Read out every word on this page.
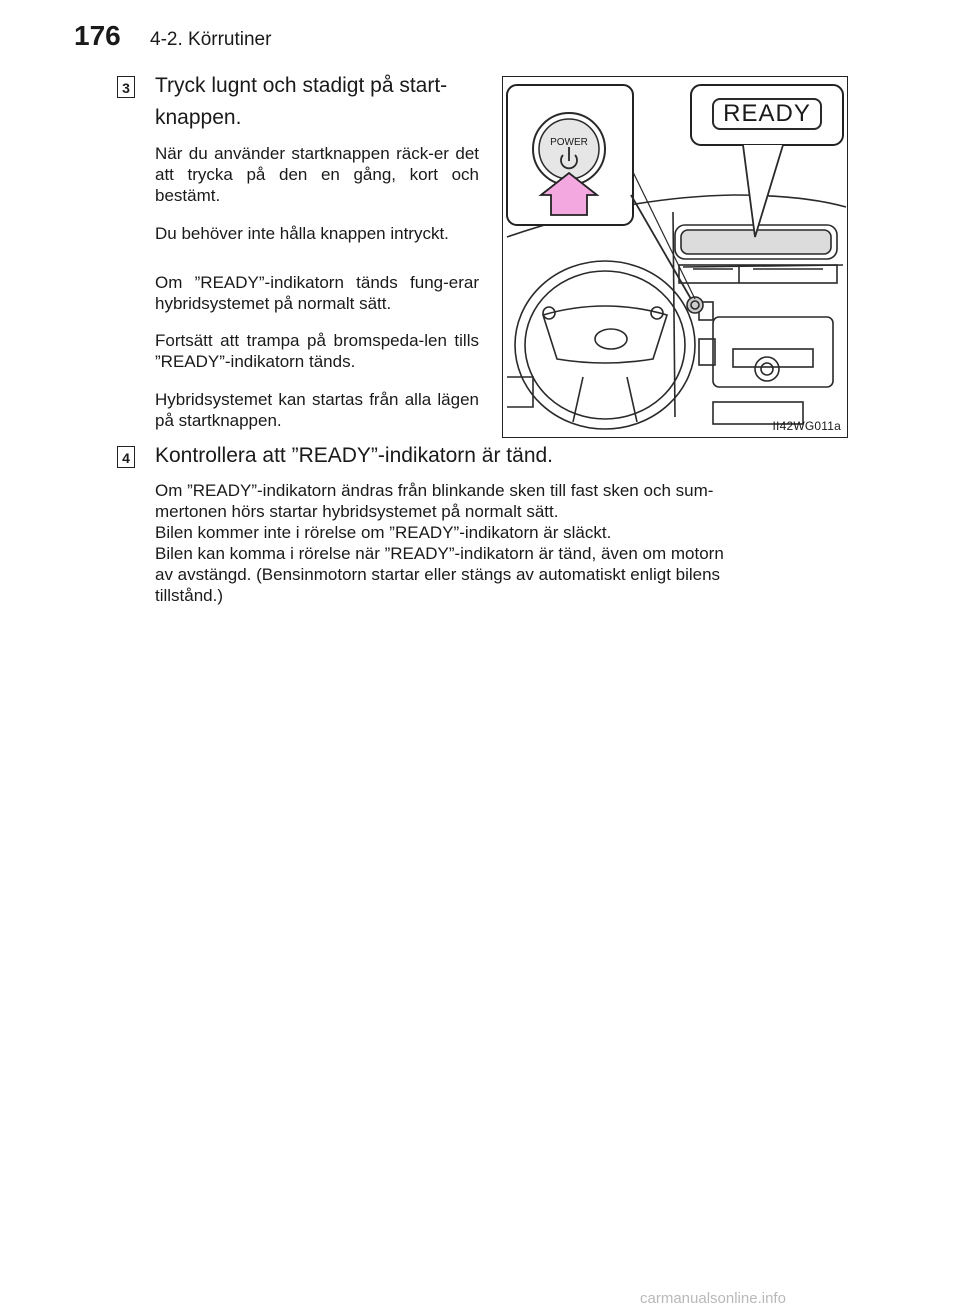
176 4-2. Körrutiner
3 Tryck lugnt och stadigt på start-
knappen.
När du använder startknappen räck-er det att trycka på den en gång, kort och bestämt.
Du behöver inte hålla knappen intryckt.
Om ”READY”-indikatorn tänds fung-erar hybridsystemet på normalt sätt.
Fortsätt att trampa på bromspeda-len tills ”READY”-indikatorn tänds.
Hybridsystemet kan startas från alla lägen på startknappen.
POWER
READY
II42WG011a
4 Kontrollera att ”READY”-indikatorn är tänd.
Om ”READY”-indikatorn ändras från blinkande sken till fast sken och sum-
mertonen hörs startar hybridsystemet på normalt sätt.
Bilen kommer inte i rörelse om ”READY”-indikatorn är släckt.
Bilen kan komma i rörelse när ”READY”-indikatorn är tänd, även om motorn
av avstängd. (Bensinmotorn startar eller stängs av automatiskt enligt bilens
tillstånd.)
carmanualsonline.info
